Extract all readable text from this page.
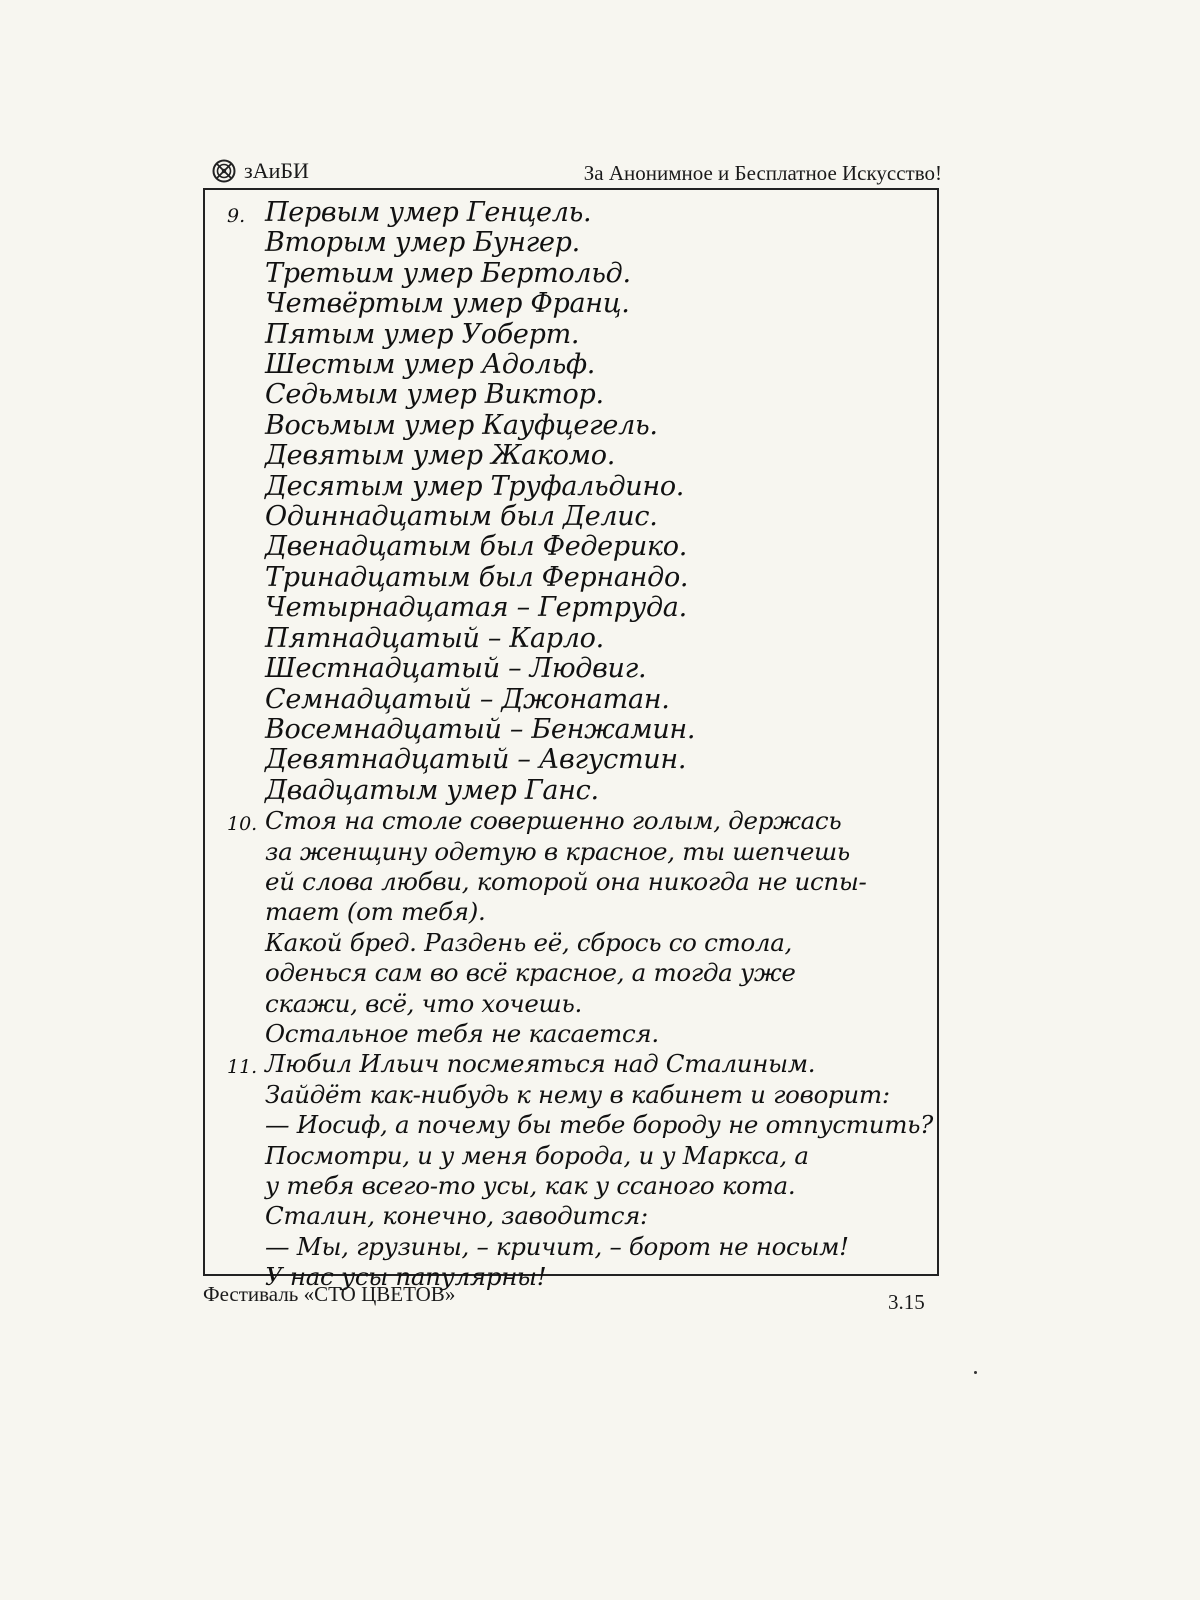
зАиБИ	За Анонимное и Бесплатное Искусство!
9. Первым умер Генцель.
Вторым умер Бунгер.
Третьим умер Бертольд.
Четвёртым умер Франц.
Пятым умер Уоберт.
Шестым умер Адольф.
Седьмым умер Виктор.
Восьмым умер Кауфцегель.
Девятым умер Жакомо.
Десятым умер Труфальдино.
Одиннадцатым был Делис.
Двенадцатым был Федерико.
Тринадцатым был Фернандо.
Четырнадцатая – Гертруда.
Пятнадцатый – Карло.
Шестнадцатый – Людвиг.
Семнадцатый – Джонатан.
Восемнадцатый – Бенжамин.
Девятнадцатый – Августин.
Двадцатым умер Ганс.
10. Стоя на столе совершенно голым, держась
за женщину одетую в красное, ты шепчешь
ей слова любви, которой она никогда не испы-
тает (от тебя).
Какой бред. Раздень её, сбрось со стола,
оденься сам во всё красное, а тогда уже
скажи, всё, что хочешь.
Остальное тебя не касается.
11. Любил Ильич посмеяться над Сталиным.
Зайдёт как-нибудь к нему в кабинет и говорит:
— Иосиф, а почему бы тебе бороду не отпустить?
Посмотри, и у меня борода, и у Маркса, а
у тебя всего-то усы, как у ссаного кота.
Сталин, конечно, заводится:
— Мы, грузины, – кричит, – борот не носым!
У нас усы папулярны!
Фестиваль «СТО ЦВЕТОВ»	3.15
